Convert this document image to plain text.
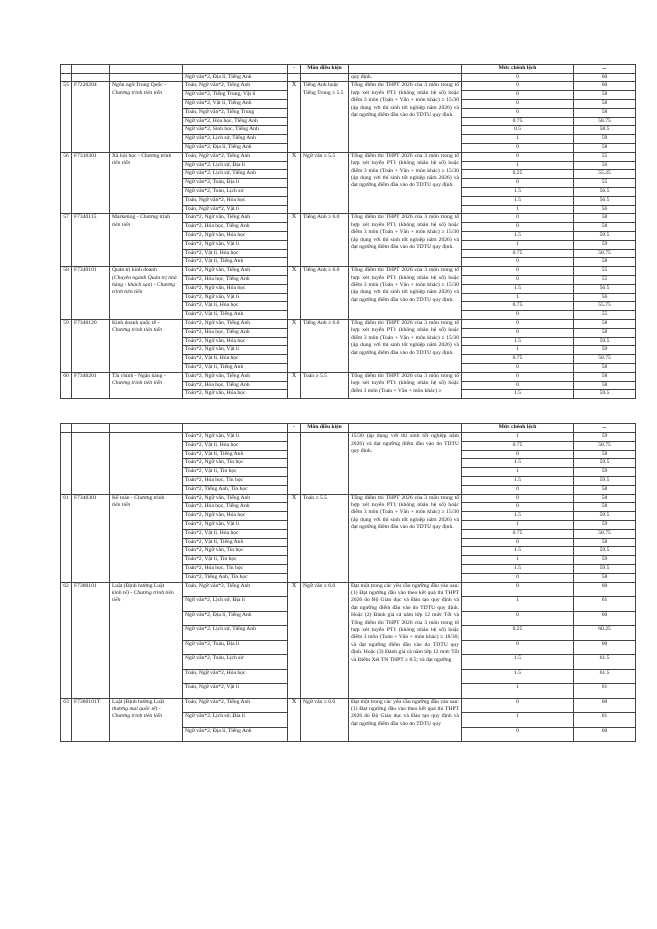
				-	Môn điều kiện		Mức chênh lệch	...
			Ngữ văn*2, Địa lí, Tiếng Anh			quy định.	0	60
55	F7220204	Ngôn ngữ Trung Quốc -
Chương trình tiên tiến	Toán, Ngữ văn*2, Tiếng Anh	X	Tiếng Anh hoặc Tiếng Trung ≥ 5.5	Tổng điểm thi THPT 2026 của 3 môn trong tổ hợp xét tuyển PT1 (không nhân hệ số) hoặc điểm 3 môn (Toán + Văn + môn khác) ≥ 15/30 (áp dụng với thí sinh tốt nghiệp năm 2026) và đạt ngưỡng điểm đầu vào do TDTU quy định.	0	60
			Ngữ văn*2, Tiếng Trung, Vật lí				0	58
			Ngữ văn*2, Vật lí, Tiếng Anh				0	58
			Toán, Ngữ văn*2, Tiếng Trung				0	58
			Ngữ văn*2, Hóa học, Tiếng Anh				0.75	58.75
			Ngữ văn*2, Sinh học, Tiếng Anh				0.5	58.5
			Ngữ văn*2, Lịch sử, Tiếng Anh				1	59
			Ngữ văn*2, Địa lí, Tiếng Anh				0	58
56	F7310301	Xã hội học - Chương trình
tiên tiến	Toán, Ngữ văn*2, Tiếng Anh	X	Ngữ văn ≥ 5.5	Tổng điểm thi THPT 2026 của 3 môn trong tổ hợp xét tuyển PT1 (không nhân hệ số) hoặc điểm 3 môn (Toán + Văn + môn khác) ≥ 15/30 (áp dụng với thí sinh tốt nghiệp năm 2026) và đạt ngưỡng điểm đầu vào do TDTU quy định.	0	55
			Ngữ văn*2, Lịch sử, Địa lí				1	56
			Ngữ văn*2, Lịch sử, Tiếng Anh				0.25	55.25
			Ngữ văn*2, Toán, Địa lí				0	55
			Ngữ văn*2, Toán, Lịch sử				1.5	56.5
			Toán, Ngữ văn*2, Hóa học				1.5	56.5
			Toán, Ngữ văn*2, Vật lí				1	56
57	F7340115	Marketing - Chương trình
tiên tiến	Toán*2, Ngữ văn, Tiếng Anh	X	Tiếng Anh ≥ 6.0	Tổng điểm thi THPT 2026 của 3 môn trong tổ hợp xét tuyển PT1 (không nhân hệ số) hoặc điểm 3 môn (Toán + Văn + môn khác) ≥ 15/30 (áp dụng với thí sinh tốt nghiệp năm 2026) và đạt ngưỡng điểm đầu vào do TDTU quy định.	0	58
			Toán*2, Hóa học, Tiếng Anh				0	58
			Toán*2, Ngữ văn, Hóa học				1.5	59.5
			Toán*2, Ngữ văn, Vật lí				1	59
			Toán*2, Vật lí, Hóa học				0.75	58.75
			Toán*2, Vật lí, Tiếng Anh				0	58
58	F7340101	Quản trị kinh doanh
(Chuyên ngành Quản trị nhà hàng - khách sạn) - Chương trình tiên tiến	Toán*2, Ngữ văn, Tiếng Anh	X	Tiếng Anh ≥ 6.0	Tổng điểm thi THPT 2026 của 3 môn trong tổ hợp xét tuyển PT1 (không nhân hệ số) hoặc điểm 3 môn (Toán + Văn + môn khác) ≥ 15/30 (áp dụng với thí sinh tốt nghiệp năm 2026) và đạt ngưỡng điểm đầu vào do TDTU quy định.	0	55
			Toán*2, Hóa học, Tiếng Anh				0	55
			Toán*2, Ngữ văn, Hóa học				1.5	56.5
			Toán*2, Ngữ văn, Vật lí				1	56
			Toán*2, Vật lí, Hóa học				0.75	55.75
			Toán*2, Vật lí, Tiếng Anh				0	55
59	F7340120	Kinh doanh quốc tế -
Chương trình tiên tiến	Toán*2, Ngữ văn, Tiếng Anh	X	Tiếng Anh ≥ 6.0	Tổng điểm thi THPT 2026 của 3 môn trong tổ hợp xét tuyển PT1 (không nhân hệ số) hoặc điểm 3 môn (Toán + Văn + môn khác) ≥ 15/30 (áp dụng với thí sinh tốt nghiệp năm 2026) và đạt ngưỡng điểm đầu vào do TDTU quy định.	0	58
			Toán*2, Hóa học, Tiếng Anh				0	58
			Toán*2, Ngữ văn, Hóa học				1.5	59.5
			Toán*2, Ngữ văn, Vật lí				1	59
			Toán*2, Vật lí, Hóa học				0.75	58.75
			Toán*2, Vật lí, Tiếng Anh				0	58
60	F7340201	Tài chính - Ngân hàng -
Chương trình tiên tiến	Toán*2, Ngữ văn, Tiếng Anh	X	Toán ≥ 5.5	Tổng điểm thi THPT 2026 của 3 môn trong tổ hợp xét tuyển PT1 (không nhân hệ số) hoặc điểm 3 môn (Toán + Văn + môn khác) ≥	0	58
			Toán*2, Hóa học, Tiếng Anh				0	58
			Toán*2, Ngữ văn, Hóa học				1.5	59.5
				-	Môn điều kiện		Mức chênh lệch	...
			Toán*2, Ngữ văn, Vật lí			15/30 (áp dụng với thí sinh tốt nghiệp năm 2026) và đạt ngưỡng điểm đầu vào do TDTU quy định.	1	59
			Toán*2, Vật lí, Hóa học				0.75	58.75
			Toán*2, Vật lí, Tiếng Anh				0	58
			Toán*2, Ngữ văn, Tin học				1.5	59.5
			Toán*2, Vật lí, Tin học				1	59
			Toán*2, Hóa học, Tin học				1.5	59.5
			Toán*2, Tiếng Anh, Tin học				0	58
61	F7340301	Kế toán - Chương trình
tiên tiến	Toán*2, Ngữ văn, Tiếng Anh	X	Toán ≥ 5.5	Tổng điểm thi THPT 2026 của 3 môn trong tổ hợp xét tuyển PT1 (không nhân hệ số) hoặc điểm 3 môn (Toán + Văn + môn khác) ≥ 15/30 (áp dụng với thí sinh tốt nghiệp năm 2026) và đạt ngưỡng điểm đầu vào do TDTU quy định.	0	58
			Toán*2, Hóa học, Tiếng Anh				0	58
			Toán*2, Ngữ văn, Hóa học				1.5	59.5
			Toán*2, Ngữ văn, Vật lí				1	59
			Toán*2, Vật lí, Hóa học				0.75	58.75
			Toán*2, Vật lí, Tiếng Anh				0	58
			Toán*2, Ngữ văn, Tin học				1.5	59.5
			Toán*2, Vật lí, Tin học				1	59
			Toán*2, Hóa học, Tin học				1.5	59.5
			Toán*2, Tiếng Anh, Tin học				0	58
62	F7380101	Luật (Định hướng Luật
kinh tế) - Chương trình tiên tiến	Toán, Ngữ văn*2, Tiếng Anh	X	Ngữ văn ≥ 6.0	Đạt một trong các yêu cầu ngưỡng đầu vào sau: (1) Đạt ngưỡng đầu vào theo kết quả thi THPT 2026 do Bộ Giáo dục và Đào tạo quy định và đạt ngưỡng điểm đầu vào do TDTU quy định. Hoặc (2) Đánh giá cả năm lớp 12 mức Tốt và Tổng điểm thi THPT 2026 của 3 môn trong tổ hợp xét tuyển PT1 (không nhân hệ số) hoặc điểm 3 môn (Toán + Văn + môn khác) ≥ 18/30; và đạt ngưỡng điểm đầu vào do TDTU quy định. Hoặc (3) Đánh giá cả năm lớp 12 mức Tốt và Điểm Xét TN THPT ≥ 8.5; và đạt ngưỡng	0	60
			Ngữ văn*2, Lịch sử, Địa lí				1	61
			Ngữ văn*2, Địa lí, Tiếng Anh				0	60
			Ngữ văn*2, Lịch sử, Tiếng Anh				0.25	60.25
			Ngữ văn*2, Toán, Địa lí				0	60
			Ngữ văn*2, Toán, Lịch sử				1.5	61.5
			Toán, Ngữ văn*2, Hóa học				1.5	61.5
			Toán, Ngữ văn*2, Vật lí				1	61
63	F7380101T	Luật (Định hướng Luật
thương mại quốc tế) - Chương trình tiên tiến	Toán, Ngữ văn*2, Tiếng Anh	X	Ngữ văn ≥ 6.0	Đạt một trong các yêu cầu ngưỡng đầu vào sau: (1) Đạt ngưỡng đầu vào theo kết quả thi THPT 2026 do Bộ Giáo dục và Đào tạo quy định và đạt ngưỡng điểm đầu vào do TDTU quy	0	60
			Ngữ văn*2, Lịch sử, Địa lí				1	61
			Ngữ văn*2, Địa lí, Tiếng Anh				0	60
